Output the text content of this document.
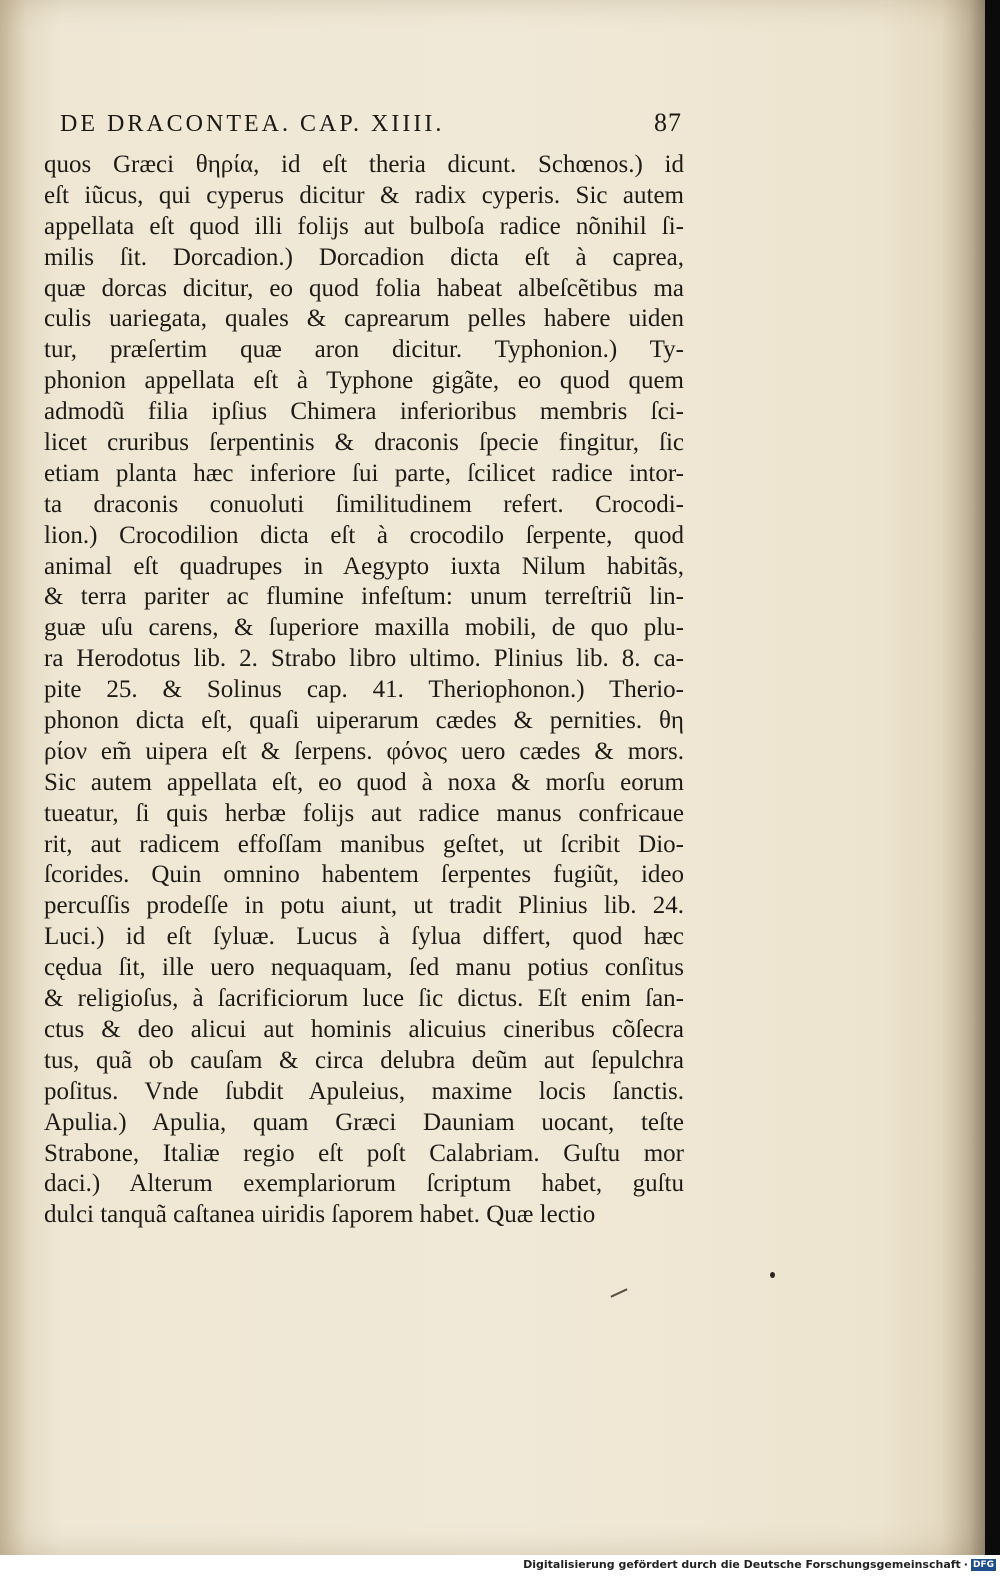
DE DRACONTEA. CAP. XIIII.	87
quos Græci θηρία, id eſt theria dicunt. Schœnos.) id
eſt iũcus, qui cyperus dicitur & radix cyperis. Sic autem
appellata eſt quod illi folijs aut bulboſa radice nõnihil ſi-
milis ſit. Dorcadion.) Dorcadion dicta eſt à caprea,
quæ dorcas dicitur, eo quod folia habeat albeſcẽtibus ma
culis uariegata, quales & caprearum pelles habere uiden
tur, præſertim quæ aron dicitur. Typhonion.) Ty-
phonion appellata eſt à Typhone gigãte, eo quod quem
admodũ filia ipſius Chimera inferioribus membris ſci-
licet cruribus ſerpentinis & draconis ſpecie fingitur, ſic
etiam planta hæc inferiore ſui parte, ſcilicet radice intor-
ta draconis conuoluti ſimilitudinem refert. Crocodi-
lion.) Crocodilion dicta eſt à crocodilo ſerpente, quod
animal eſt quadrupes in Aegypto iuxta Nilum habitãs,
& terra pariter ac flumine infeſtum: unum terreſtriũ lin-
guæ uſu carens, & ſuperiore maxilla mobili, de quo plu-
ra Herodotus lib. 2. Strabo libro ultimo. Plinius lib. 8. ca-
pite 25. & Solinus cap. 41. Theriophonon.) Therio-
phonon dicta eſt, quaſi uiperarum cædes & pernities. θη
ρίον em̃ uipera eſt & ſerpens. φόνος uero cædes & mors.
Sic autem appellata eſt, eo quod à noxa & morſu eorum
tueatur, ſi quis herbæ folijs aut radice manus confricaue
rit, aut radicem effoſſam manibus geſtet, ut ſcribit Dio-
ſcorides. Quin omnino habentem ſerpentes fugiũt, ideo
percuſſis prodeſſe in potu aiunt, ut tradit Plinius lib. 24.
Luci.) id eſt ſyluæ. Lucus à ſylua differt, quod hæc
cędua ſit, ille uero nequaquam, ſed manu potius conſitus
& religioſus, à ſacrificiorum luce ſic dictus. Eſt enim ſan-
ctus & deo alicui aut hominis alicuius cineribus cõſecra
tus, quã ob cauſam & circa delubra deũm aut ſepulchra
poſitus. Vnde ſubdit Apuleius, maxime locis ſanctis.
Apulia.) Apulia, quam Græci Dauniam uocant, teſte
Strabone, Italiæ regio eſt poſt Calabriam. Guſtu mor
daci.) Alterum exemplariorum ſcriptum habet, guſtu
dulci tanquã caſtanea uiridis ſaporem habet. Quæ lectio
Digitalisierung gefördert durch die Deutsche Forschungsgemeinschaft · DFG
